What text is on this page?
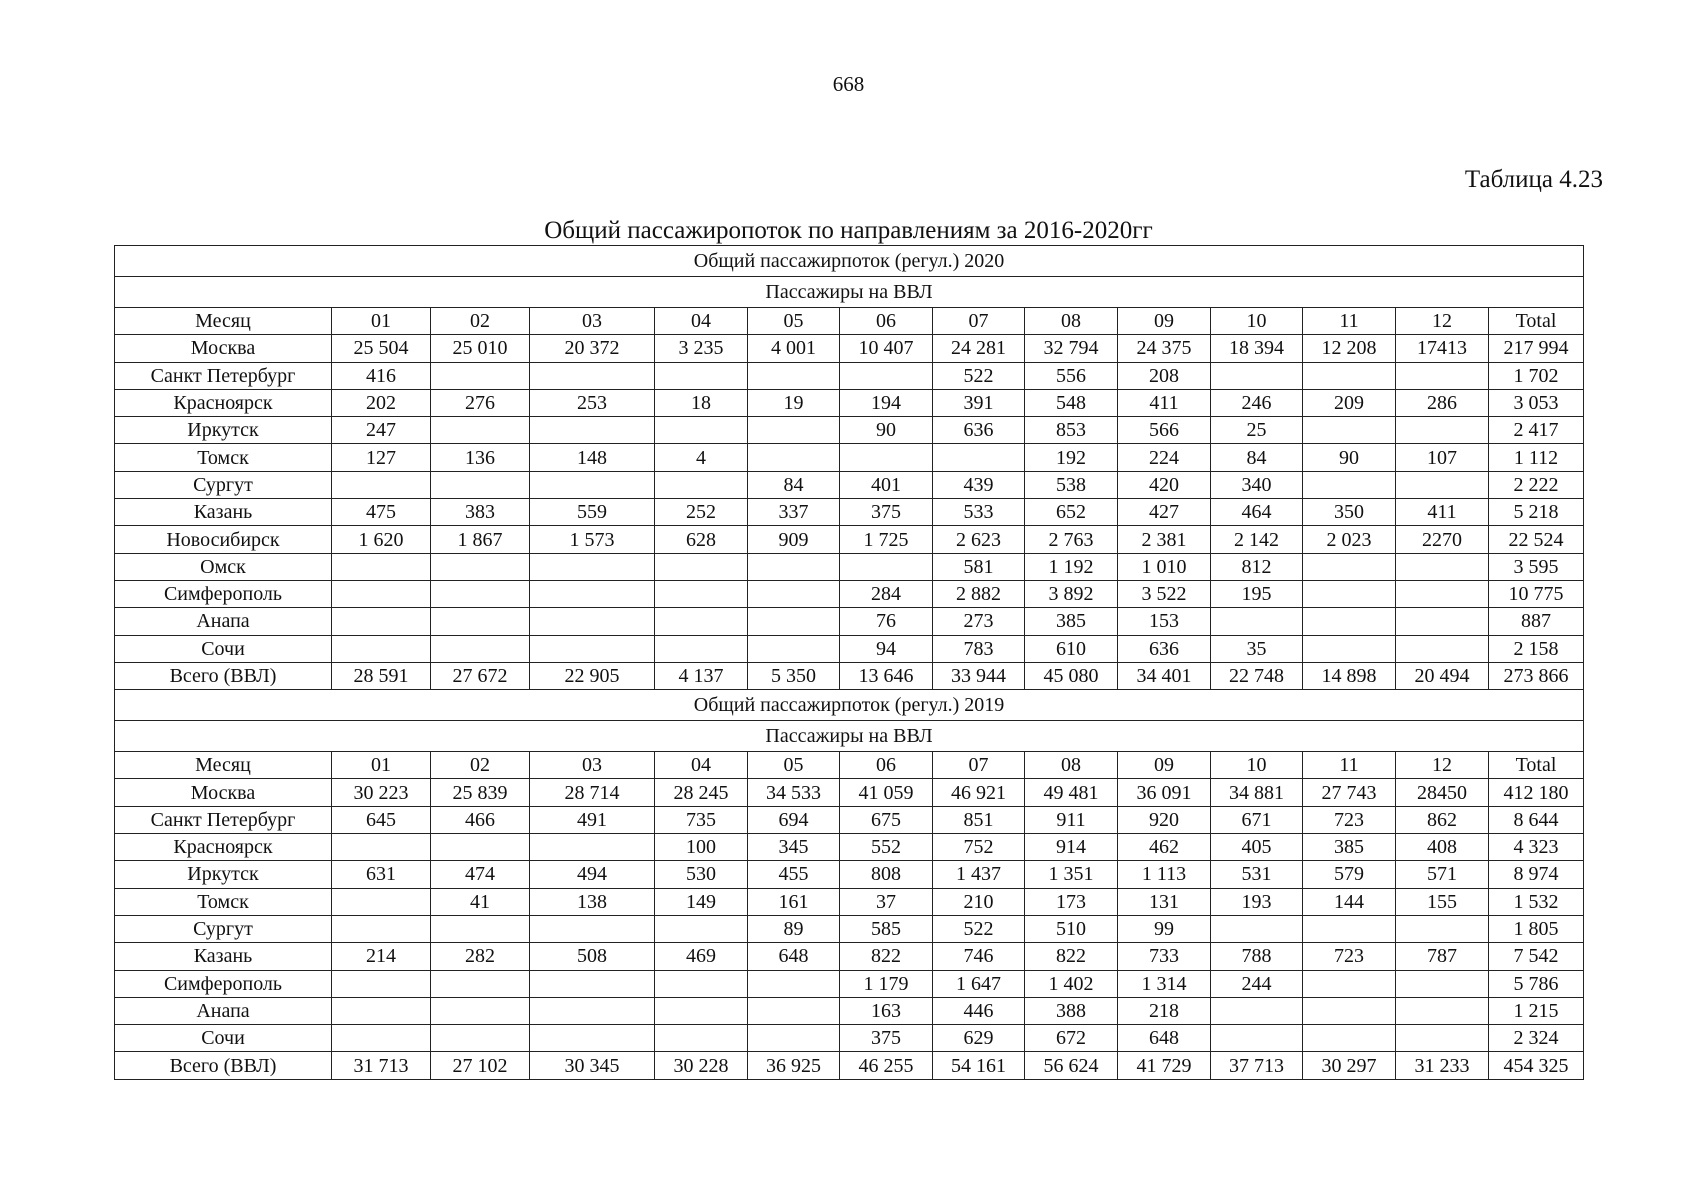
668
Таблица 4.23
Общий пассажиропоток по направлениям за 2016-2020гг
Общий пассажирпоток (регул.) 2020													
Пассажиры на ВВЛ													
Месяц	01	02	03	04	05	06	07	08	09	10	11	12	Total
Москва	25 504	25 010	20 372	3 235	4 001	10 407	24 281	32 794	24 375	18 394	12 208	17413	217 994
Санкт Петербург	416						522	556	208				1 702
Красноярск	202	276	253	18	19	194	391	548	411	246	209	286	3 053
Иркутск	247					90	636	853	566	25			2 417
Томск	127	136	148	4				192	224	84	90	107	1 112
Сургут					84	401	439	538	420	340			2 222
Казань	475	383	559	252	337	375	533	652	427	464	350	411	5 218
Новосибирск	1 620	1 867	1 573	628	909	1 725	2 623	2 763	2 381	2 142	2 023	2270	22 524
Омск							581	1 192	1 010	812			3 595
Симферополь						284	2 882	3 892	3 522	195			10 775
Анапа						76	273	385	153				887
Сочи						94	783	610	636	35			2 158
Всего (ВВЛ)	28 591	27 672	22 905	4 137	5 350	13 646	33 944	45 080	34 401	22 748	14 898	20 494	273 866
Общий пассажирпоток (регул.) 2019													
Пассажиры на ВВЛ													
Месяц	01	02	03	04	05	06	07	08	09	10	11	12	Total
Москва	30 223	25 839	28 714	28 245	34 533	41 059	46 921	49 481	36 091	34 881	27 743	28450	412 180
Санкт Петербург	645	466	491	735	694	675	851	911	920	671	723	862	8 644
Красноярск				100	345	552	752	914	462	405	385	408	4 323
Иркутск	631	474	494	530	455	808	1 437	1 351	1 113	531	579	571	8 974
Томск		41	138	149	161	37	210	173	131	193	144	155	1 532
Сургут					89	585	522	510	99				1 805
Казань	214	282	508	469	648	822	746	822	733	788	723	787	7 542
Симферополь						1 179	1 647	1 402	1 314	244			5 786
Анапа						163	446	388	218				1 215
Сочи						375	629	672	648				2 324
Всего (ВВЛ)	31 713	27 102	30 345	30 228	36 925	46 255	54 161	56 624	41 729	37 713	30 297	31 233	454 325
